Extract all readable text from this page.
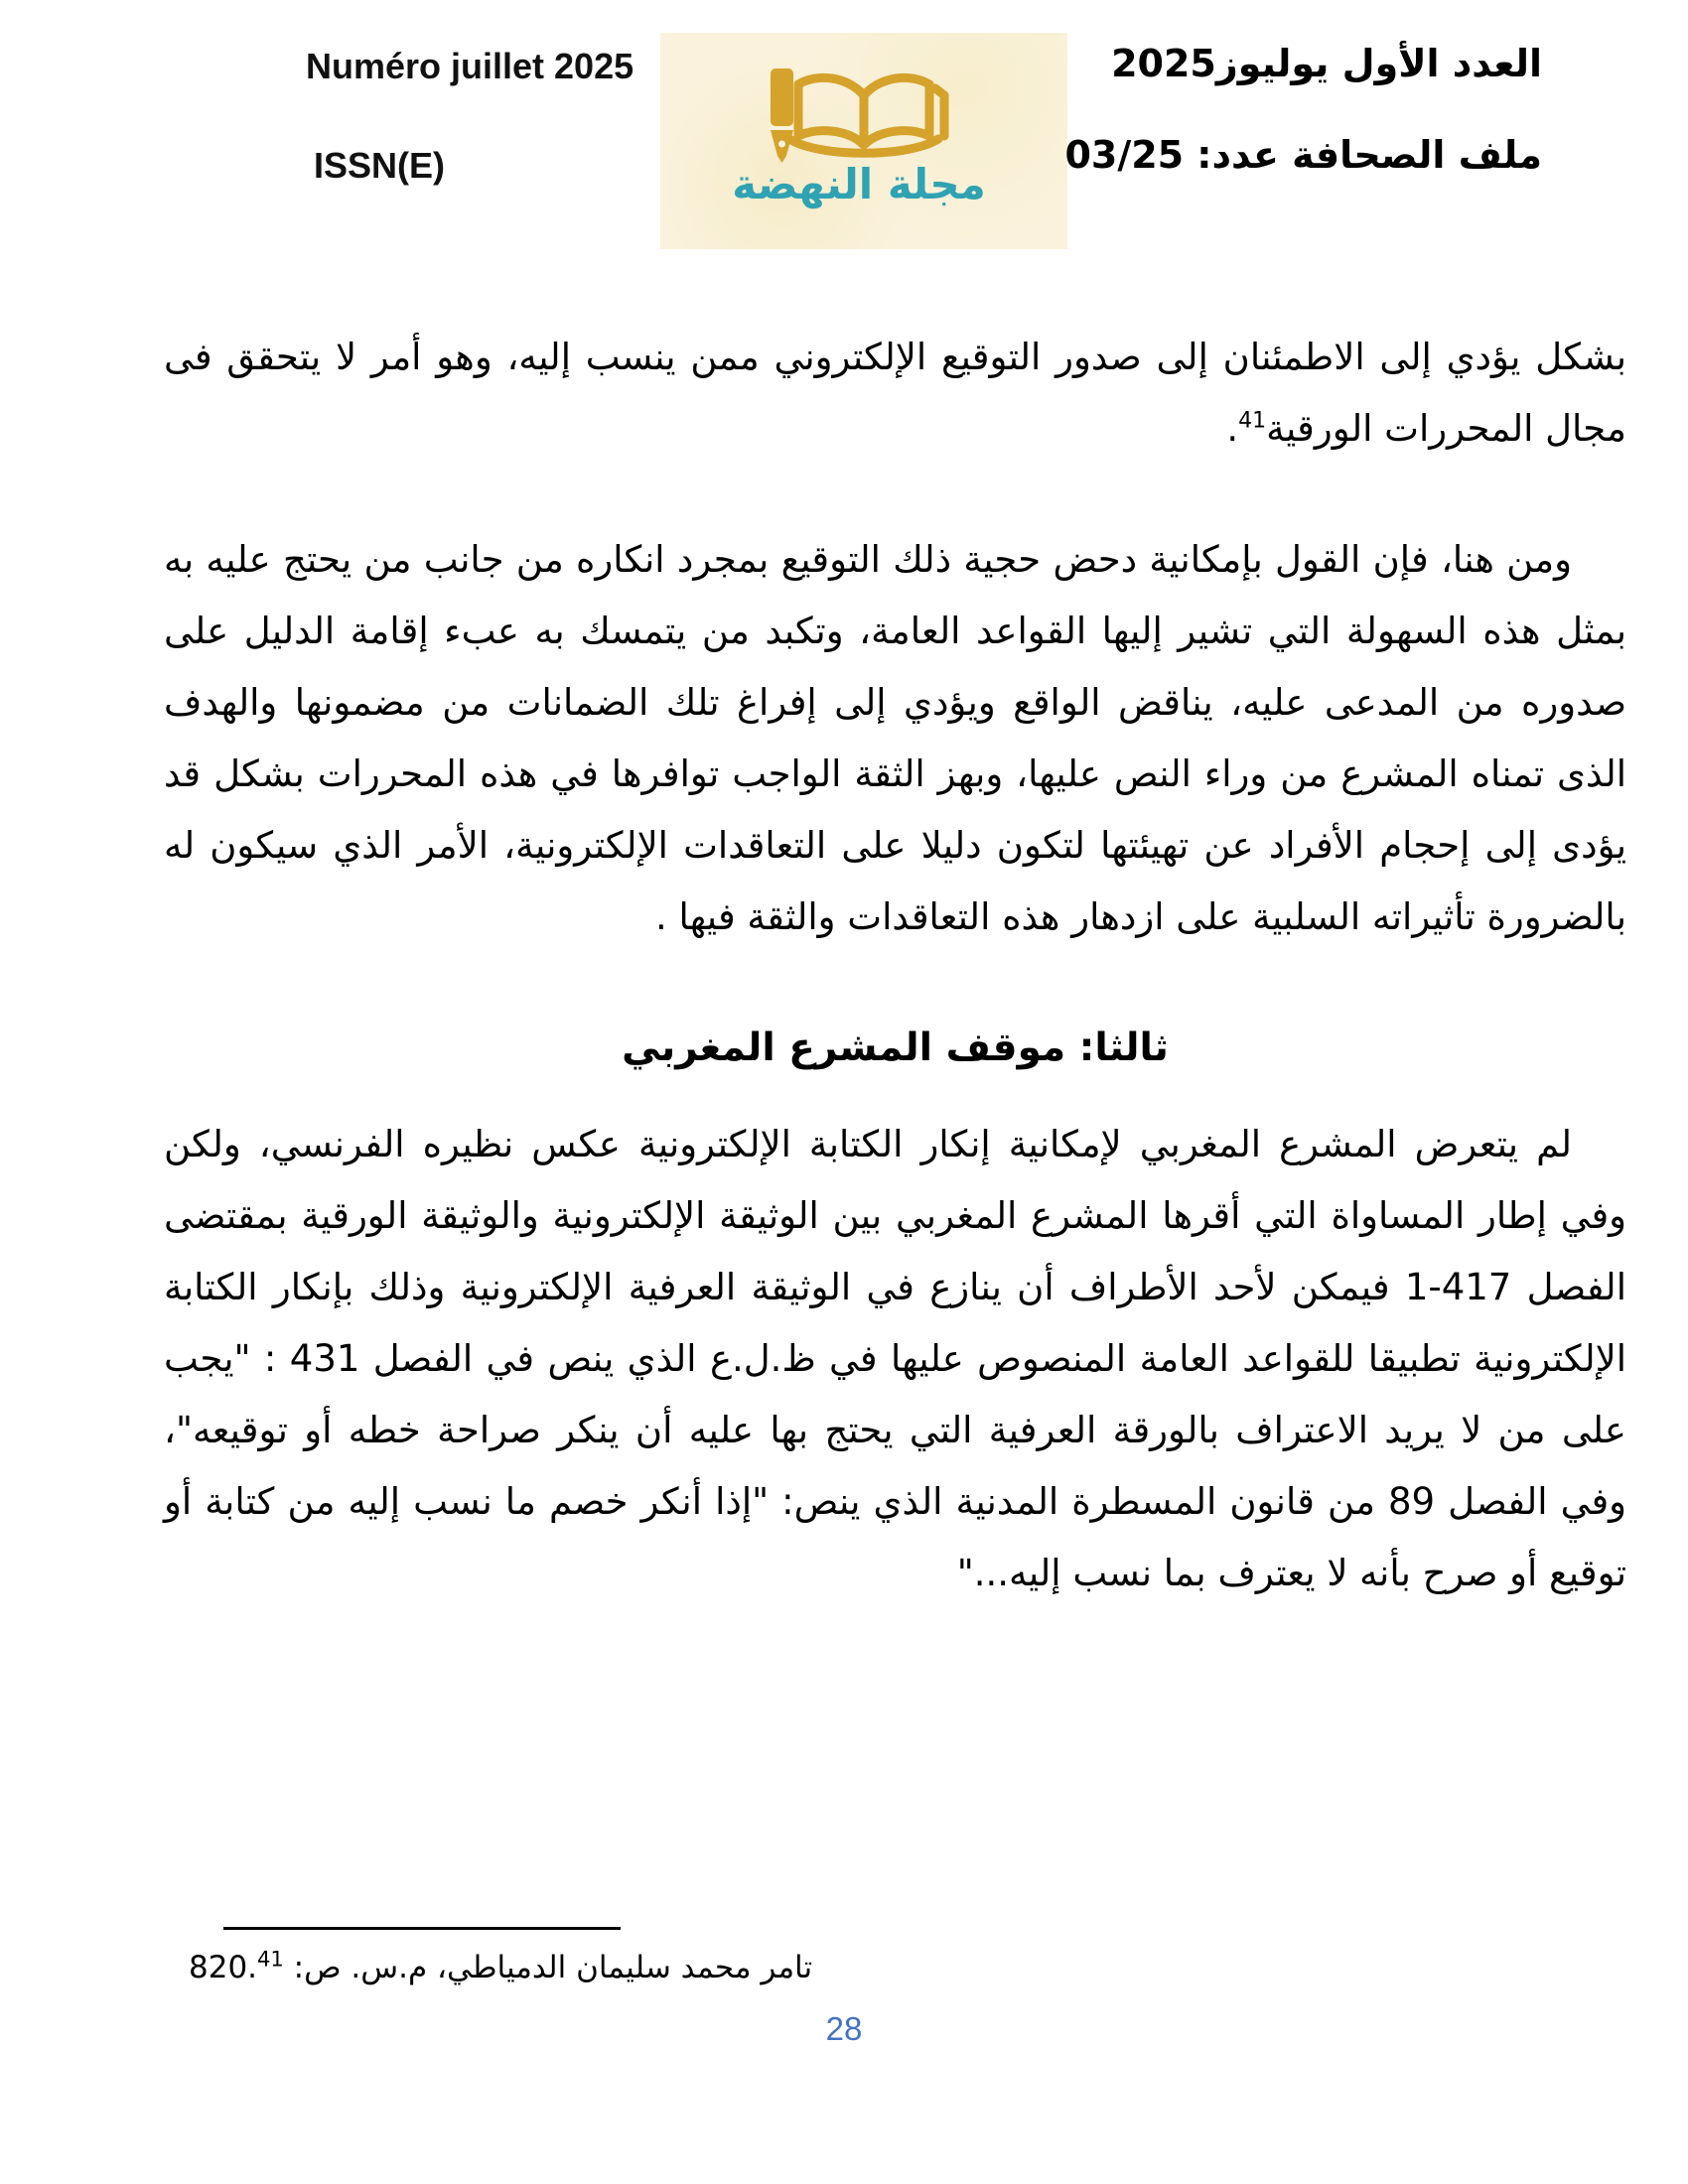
Numéro juillet 2025
ISSN(E)	مجلة النهضة
العدد الأول يوليوز2025
ملف الصحافة عدد: 03/25

بشكل يؤدي إلى الاطمئنان إلى صدور التوقيع الإلكتروني ممن ينسب إليه، وهو أمر لا يتحقق فى مجال المحررات الورقية$^{41}$.

ومن هنا، فإن القول بإمكانية دحض حجية ذلك التوقيع بمجرد انكاره من جانب من يحتج عليه به بمثل هذه السهولة التي تشير إليها القواعد العامة، وتكبد من يتمسك به عبء إقامة الدليل على صدوره من المدعى عليه، يناقض الواقع ويؤدي إلى إفراغ تلك الضمانات من مضمونها والهدف الذى تمناه المشرع من وراء النص عليها، وبهز الثقة الواجب توافرها في هذه المحررات بشكل قد يؤدى إلى إحجام الأفراد عن تهيئتها لتكون دليلا على التعاقدات الإلكترونية، الأمر الذي سيكون له بالضرورة تأثيراته السلبية على ازدهار هذه التعاقدات والثقة فيها .

ثالثا: موقف المشرع المغربي

لم يتعرض المشرع المغربي لإمكانية إنكار الكتابة الإلكترونية عكس نظيره الفرنسي، ولكن وفي إطار المساواة التي أقرها المشرع المغربي بين الوثيقة الإلكترونية والوثيقة الورقية بمقتضى الفصل 417-1 فيمكن لأحد الأطراف أن ينازع في الوثيقة العرفية الإلكترونية وذلك بإنكار الكتابة الإلكترونية تطبيقا للقواعد العامة المنصوص عليها في ظ.ل.ع الذي ينص في الفصل 431 : "يجب على من لا يريد الاعتراف بالورقة العرفية التي يحتج بها عليه أن ينكر صراحة خطه أو توقيعه"، وفي الفصل 89 من قانون المسطرة المدنية الذي ينص: "إذا أنكر خصم ما نسب إليه من كتابة أو توقيع أو صرح بأنه لا يعترف بما نسب إليه..."

تامر محمد سليمان الدمياطي، م.س. ص: 820.41
28
